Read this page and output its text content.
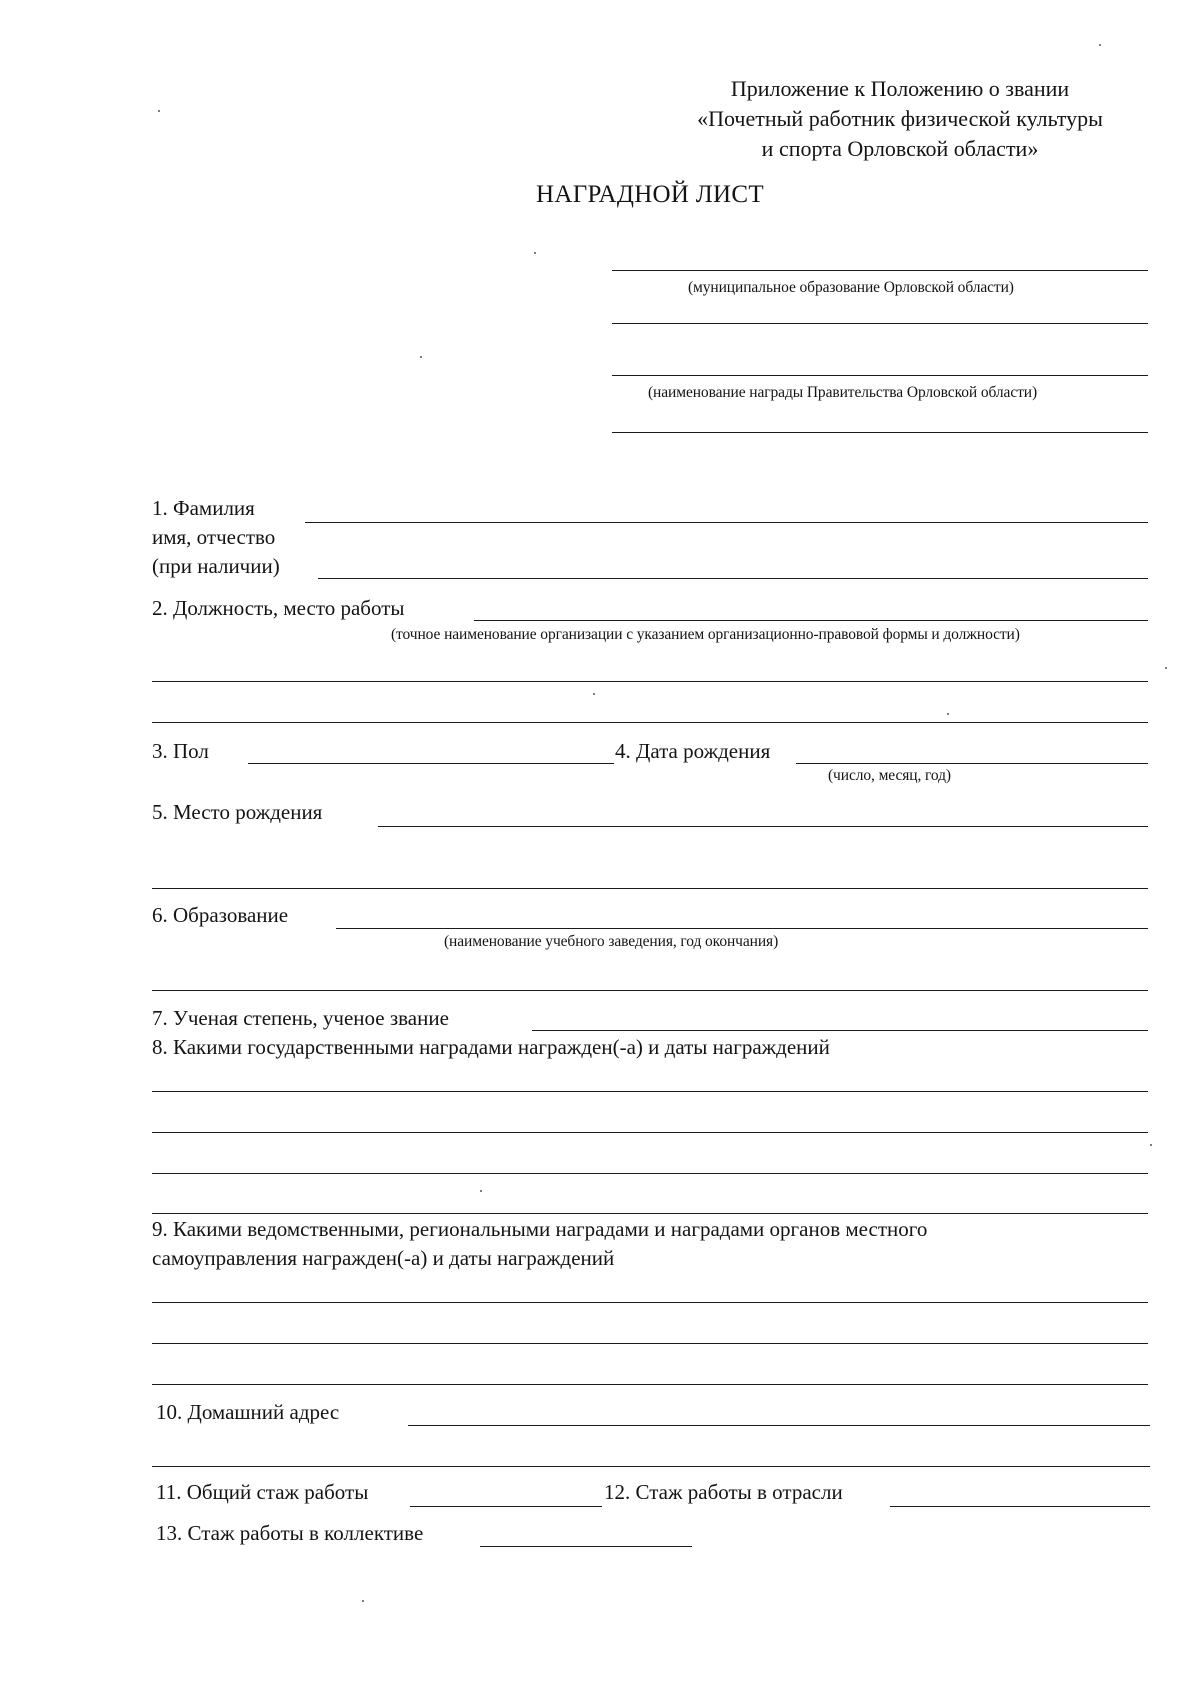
Приложение к Положению о звании
«Почетный работник физической культуры
и спорта Орловской области»
НАГРАДНОЙ ЛИСТ
(муниципальное образование Орловской области)
(наименование награды Правительства Орловской области)
1. Фамилия
имя, отчество
(при наличии)
2. Должность, место работы
(точное наименование организации с указанием организационно-правовой формы и должности)
3. Пол	4. Дата рождения
(число, месяц, год)
5. Место рождения
6. Образование
(наименование учебного заведения, год окончания)
7. Ученая степень, ученое звание
8. Какими государственными наградами награжден(-а) и даты награждений
9. Какими ведомственными, региональными наградами и наградами органов местного
самоуправления награжден(-а) и даты награждений
10. Домашний адрес
11. Общий стаж работы	12. Стаж работы в отрасли
13. Стаж работы в коллективе
